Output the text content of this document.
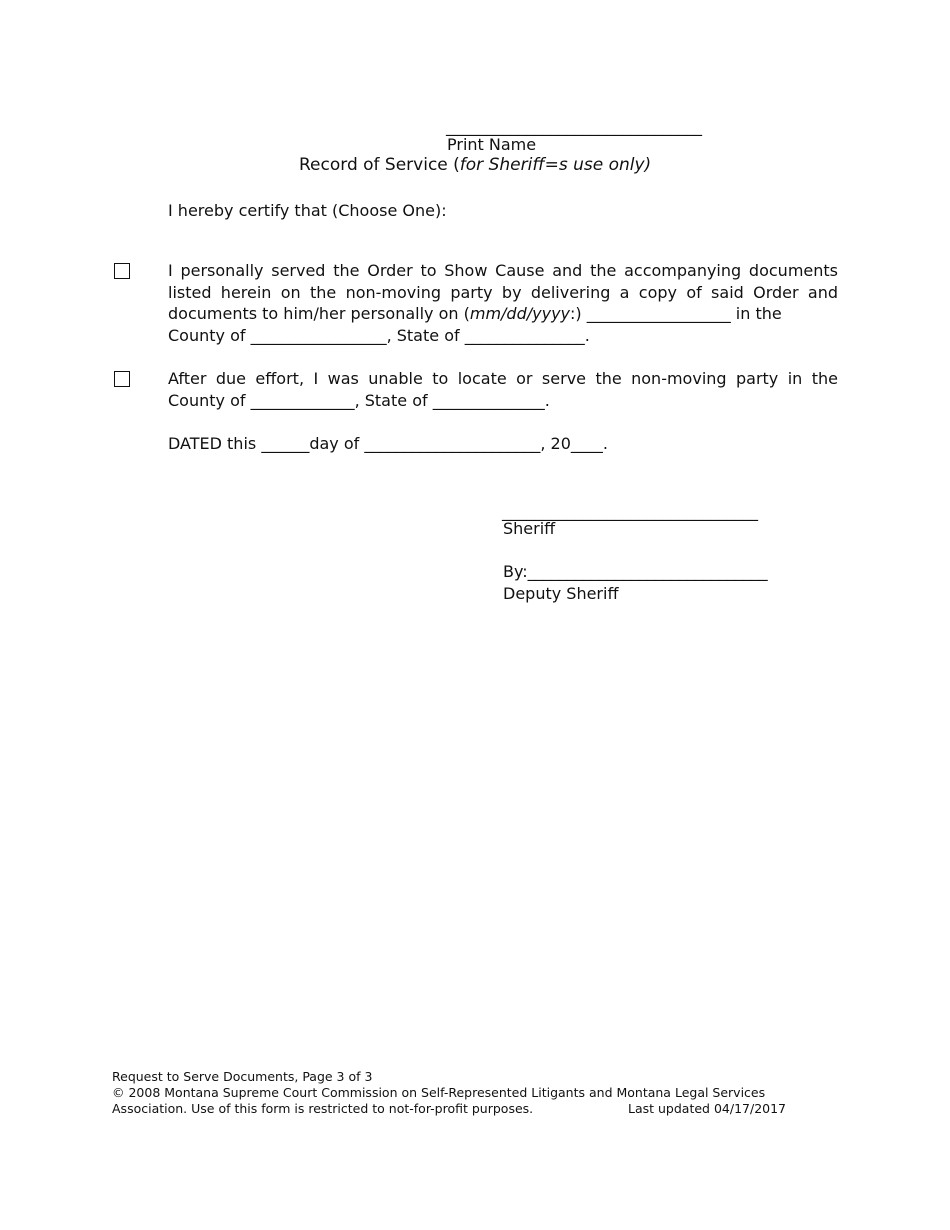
________________________________
Print Name
Record of Service (for Sheriff=s use only)
I hereby certify that (Choose One):
I personally served the Order to Show Cause and the accompanying documents
listed herein on the non-moving party by delivering a copy of said Order and
documents to him/her personally on (mm/dd/yyyy:) __________________ in the
County of _________________, State of _______________.
After due effort, I was unable to locate or serve the non-moving party in the
County of _____________, State of ______________.
DATED this ______day of ______________________, 20____.
________________________________
Sheriff
By:______________________________
Deputy Sheriff
Request to Serve Documents, Page 3 of 3
© 2008 Montana Supreme Court Commission on Self-Represented Litigants and Montana Legal Services
Association. Use of this form is restricted to not-for-profit purposes.	Last updated 04/17/2017
